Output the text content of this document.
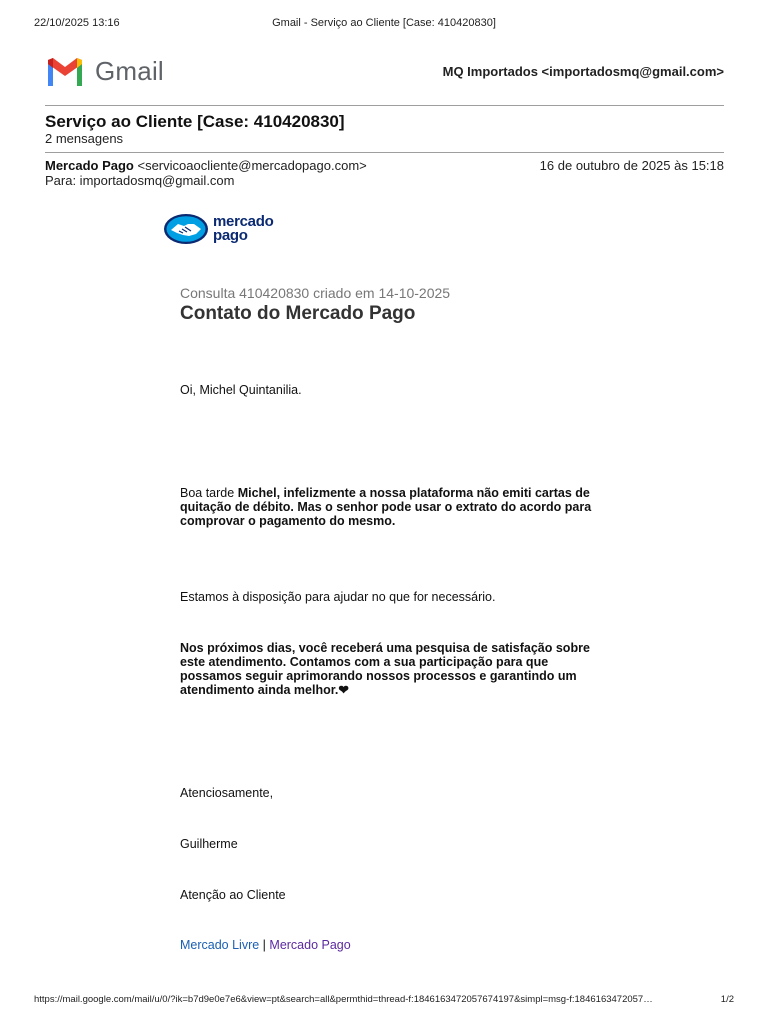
22/10/2025 13:16	Gmail - Serviço ao Cliente [Case: 410420830]
Gmail	MQ Importados <importadosmq@gmail.com>
Serviço ao Cliente [Case: 410420830]
2 mensagens
Mercado Pago <servicoaocliente@mercadopago.com>	16 de outubro de 2025 às 15:18
Para: importadosmq@gmail.com
mercado
pago
Consulta 410420830 criado em 14-10-2025
Contato do Mercado Pago
Oi, Michel Quintanilia.
Boa tarde Michel, infelizmente a nossa plataforma não emiti cartas de quitação de débito. Mas o senhor pode usar o extrato do acordo para comprovar o pagamento do mesmo.
Estamos à disposição para ajudar no que for necessário.
Nos próximos dias, você receberá uma pesquisa de satisfação sobre este atendimento. Contamos com a sua participação para que possamos seguir aprimorando nossos processos e garantindo um atendimento ainda melhor.❤
Atenciosamente,
Guilherme
Atenção ao Cliente
Mercado Livre | Mercado Pago
https://mail.google.com/mail/u/0/?ik=b7d9e0e7e6&view=pt&search=all&permthid=thread-f:1846163472057674197&simpl=msg-f:1846163472057…	1/2
